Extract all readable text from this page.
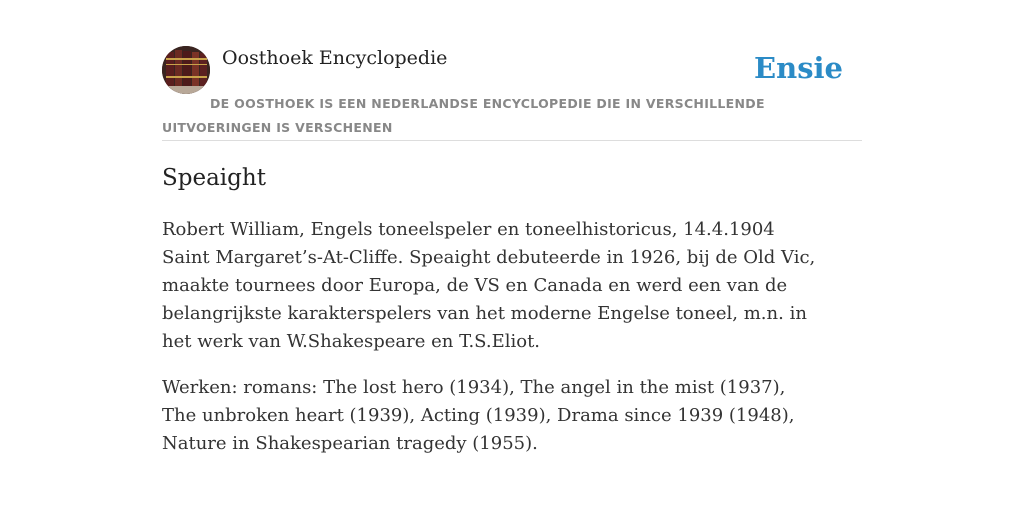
Oosthoek Encyclopedie	Ensie
DE OOSTHOEK IS EEN NEDERLANDSE ENCYCLOPEDIE DIE IN VERSCHILLENDE UITVOERINGEN IS VERSCHENEN
Speaight

Robert William, Engels toneelspeler en toneelhistoricus, 14.4.1904 Saint Margaret’s-At-Cliffe. Speaight debuteerde in 1926, bij de Old Vic, maakte tournees door Europa, de VS en Canada en werd een van de belangrijkste karakterspelers van het moderne Engelse toneel, m.n. in het werk van W.Shakespeare en T.S.Eliot.

Werken: romans: The lost hero (1934), The angel in the mist (1937), The unbroken heart (1939), Acting (1939), Drama since 1939 (1948), Nature in Shakespearian tragedy (1955).
